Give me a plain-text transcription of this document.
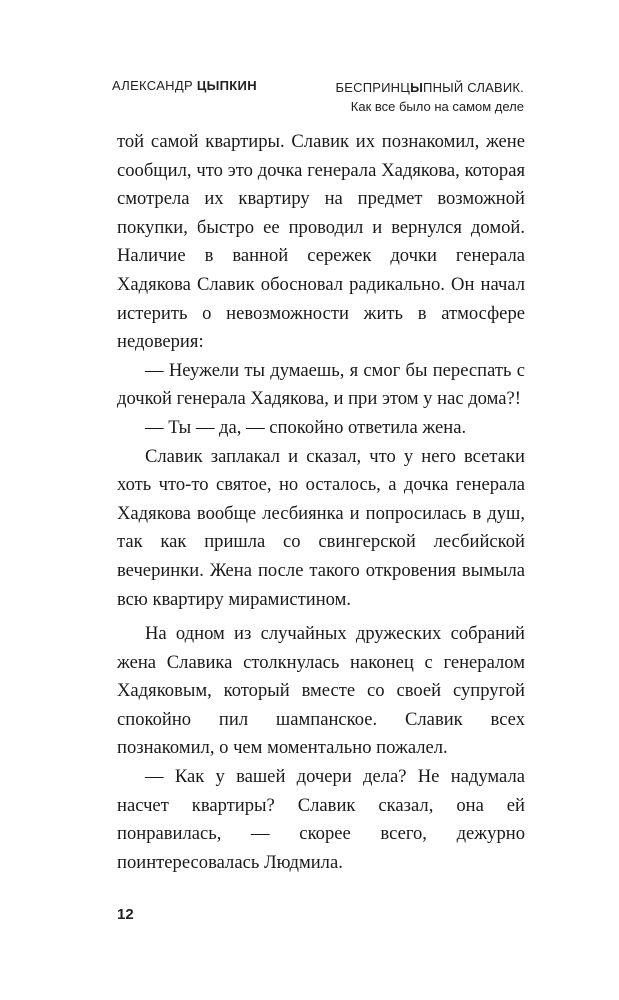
АЛЕКСАНДР ЦЫПКИН	БЕСПРИНЦЫПНЫЙ СЛАВИК.
Как все было на самом деле

той самой квартиры. Славик их познакомил, жене сообщил, что это дочка генерала Хадякова, которая смотрела их квартиру на предмет возможной покупки, быстро ее проводил и вернулся домой. Наличие в ванной сережек дочки генерала Хадякова Славик обосновал радикально. Он начал истерить о невозможности жить в атмосфере недоверия:

— Неужели ты думаешь, я смог бы переспать с дочкой генерала Хадякова, и при этом у нас дома?!

— Ты — да, — спокойно ответила жена.

Славик заплакал и сказал, что у него всетаки хоть что-то святое, но осталось, а дочка генерала Хадякова вообще лесбиянка и попросилась в душ, так как пришла со свингерской лесбийской вечеринки. Жена после такого откровения вымыла всю квартиру мирамистином.

На одном из случайных дружеских собраний жена Славика столкнулась наконец с генералом Хадяковым, который вместе со своей супругой спокойно пил шампанское. Славик всех познакомил, о чем моментально пожалел.

— Как у вашей дочери дела? Не надумала насчет квартиры? Славик сказал, она ей понравилась, — скорее всего, дежурно поинтересовалась Людмила.

12
